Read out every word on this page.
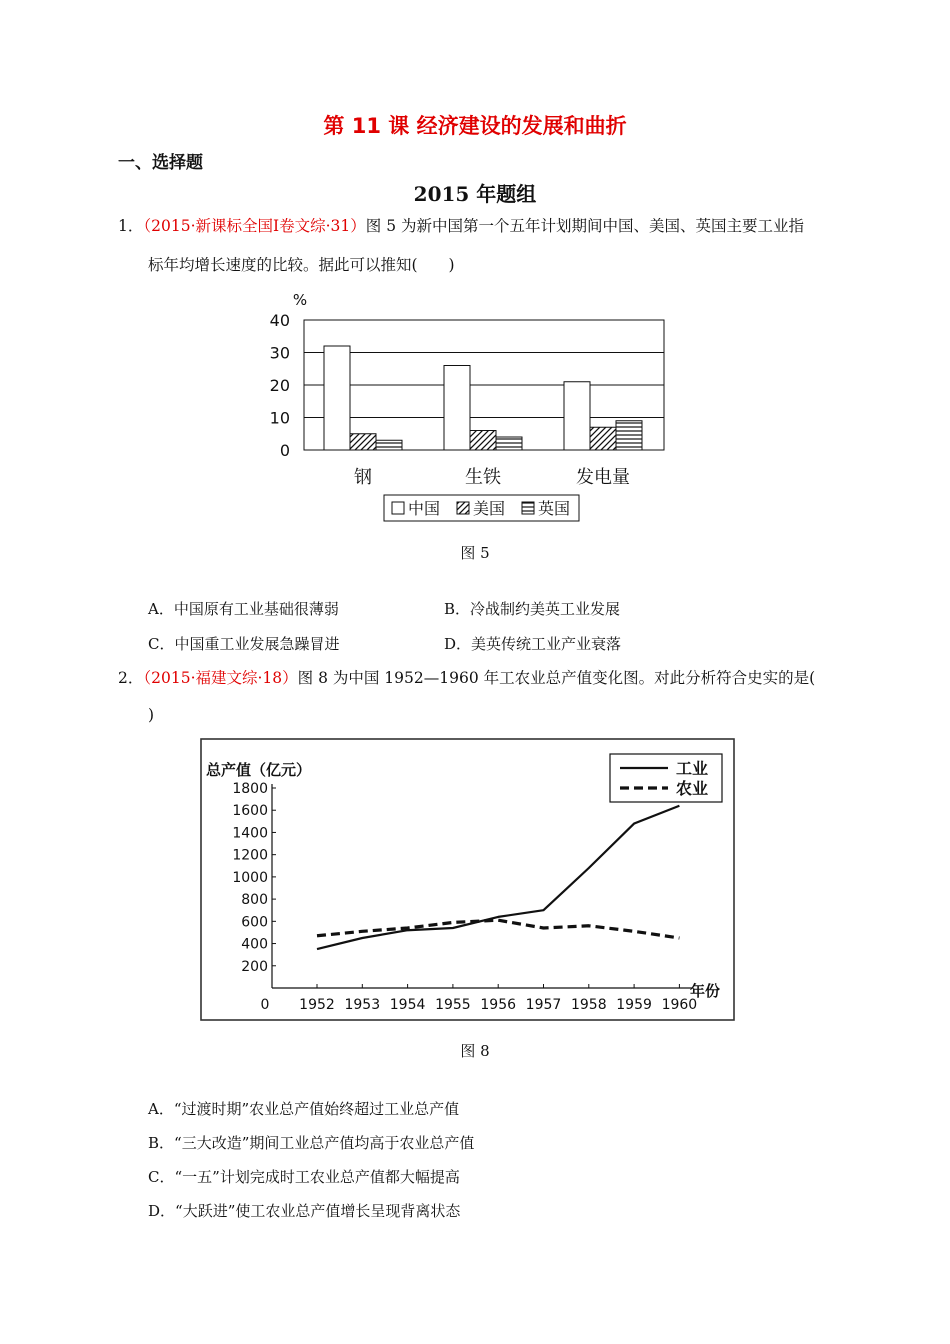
第 11 课 经济建设的发展和曲折
一、选择题
2015 年题组
1．（2015·新课标全国Ⅰ卷文综·31）图 5 为新中国第一个五年计划期间中国、美国、英国主要工业指
标年均增长速度的比较。据此可以推知(　　)
0
10
20
30
40
%
钢	生铁	发电量
中国 美国 英国
图 5
A．中国原有工业基础很薄弱	B．冷战制约美英工业发展
C．中国重工业发展急躁冒进	D．美英传统工业产业衰落
2．（2015·福建文综·18）图 8 为中国 1952—1960 年工农业总产值变化图。对此分析符合史实的是(
)
200
400
600
800
1000
1200
1400
1600
1800
1952 1953 1954 1955 1956 1957 1958 1959 1960
0
总产值（亿元）
年份
工业
农业
图 8
A．“过渡时期”农业总产值始终超过工业总产值
B．“三大改造”期间工业总产值均高于农业总产值
C．“一五”计划完成时工农业总产值都大幅提高
D．“大跃进”使工农业总产值增长呈现背离状态
